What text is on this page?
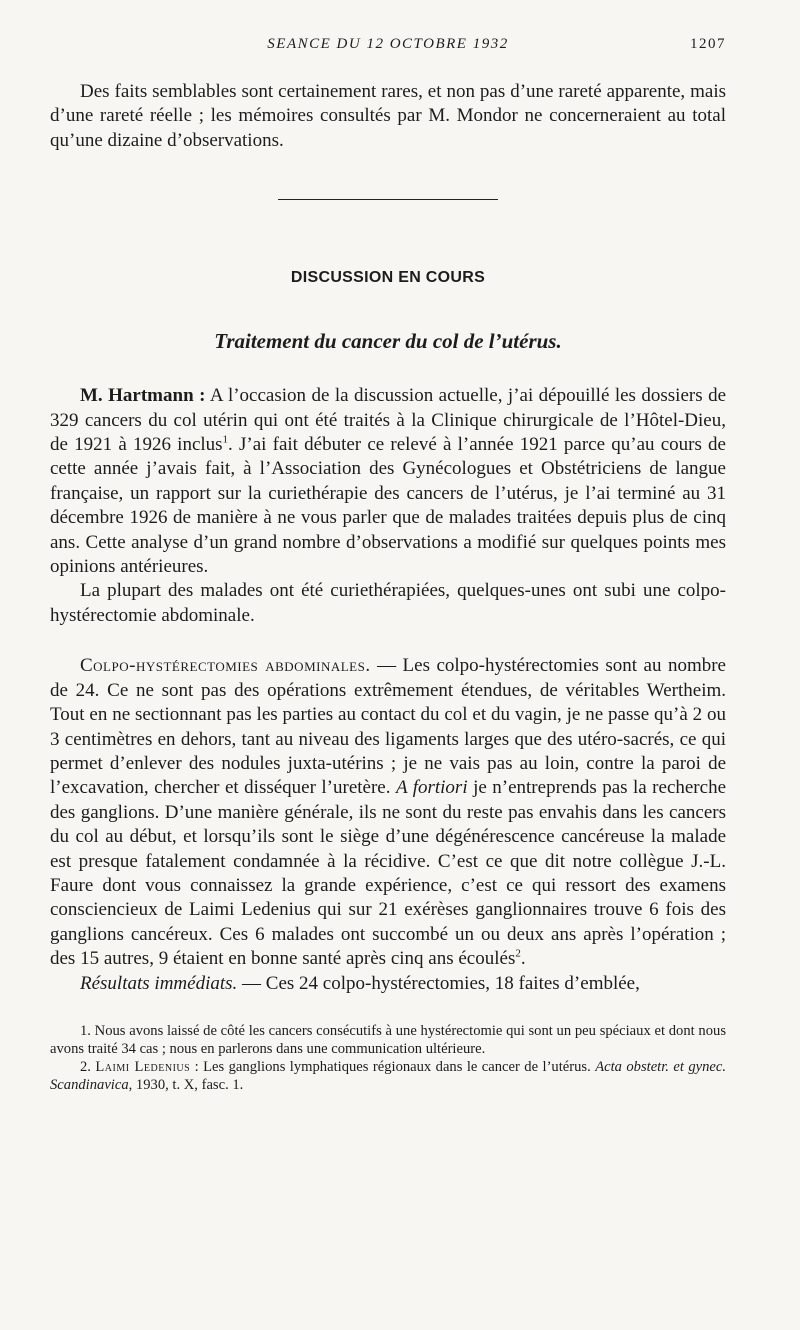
SEANCE DU 12 OCTOBRE 1932	1207

Des faits semblables sont certainement rares, et non pas d’une rareté apparente, mais d’une rareté réelle ; les mémoires consultés par M. Mondor ne concerneraient au total qu’une dizaine d’observations.

DISCUSSION EN COURS
Traitement du cancer du col de l’utérus.

M. Hartmann : A l’occasion de la discussion actuelle, j’ai dépouillé les dossiers de 329 cancers du col utérin qui ont été traités à la Clinique chirurgicale de l’Hôtel-Dieu, de 1921 à 1926 inclus$^1$. J’ai fait débuter ce relevé à l’année 1921 parce qu’au cours de cette année j’avais fait, à l’Association des Gynécologues et Obstétriciens de langue française, un rapport sur la curiethérapie des cancers de l’utérus, je l’ai terminé au 31 décembre 1926 de manière à ne vous parler que de malades traitées depuis plus de cinq ans. Cette analyse d’un grand nombre d’observations a modifié sur quelques points mes opinions antérieures.

La plupart des malades ont été curiethérapiées, quelques-unes ont subi une colpo-hystérectomie abdominale.

Colpo-hystérectomies abdominales. — Les colpo-hystérectomies sont au nombre de 24. Ce ne sont pas des opérations extrêmement étendues, de véritables Wertheim. Tout en ne sectionnant pas les parties au contact du col et du vagin, je ne passe qu’à 2 ou 3 centimètres en dehors, tant au niveau des ligaments larges que des utéro-sacrés, ce qui permet d’enlever des nodules juxta-utérins ; je ne vais pas au loin, contre la paroi de l’excavation, chercher et disséquer l’uretère. A fortiori je n’entreprends pas la recherche des ganglions. D’une manière générale, ils ne sont du reste pas envahis dans les cancers du col au début, et lorsqu’ils sont le siège d’une dégénérescence cancéreuse la malade est presque fatalement condamnée à la récidive. C’est ce que dit notre collègue J.-L. Faure dont vous connaissez la grande expérience, c’est ce qui ressort des examens consciencieux de Laimi Ledenius qui sur 21 exérèses ganglionnaires trouve 6 fois des ganglions cancéreux. Ces 6 malades ont succombé un ou deux ans après l’opération ; des 15 autres, 9 étaient en bonne santé après cinq ans écoulés$^2$.

Résultats immédiats. — Ces 24 colpo-hystérectomies, 18 faites d’emblée,

1. Nous avons laissé de côté les cancers consécutifs à une hystérectomie qui sont un peu spéciaux et dont nous avons traité 34 cas ; nous en parlerons dans une communication ultérieure.

2. Laimi Ledenius : Les ganglions lymphatiques régionaux dans le cancer de l’utérus. Acta obstetr. et gynec. Scandinavica, 1930, t. X, fasc. 1.
